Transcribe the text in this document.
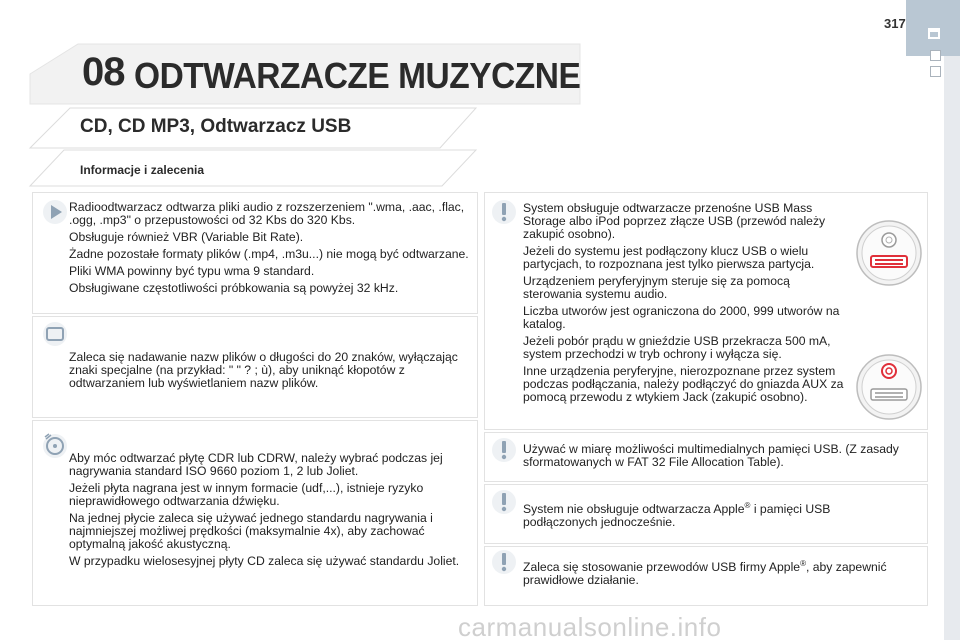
317
08 ODTWARZACZE MUZYCZNE
CD, CD MP3, Odtwarzacz USB
Informacje i zalecenia

Radioodtwarzacz odtwarza pliki audio z rozszerzeniem ".wma, .aac, .flac, .ogg, .mp3" o przepustowości od 32 Kbs do 320 Kbs.

Obsługuje również VBR (Variable Bit Rate).

Żadne pozostałe formaty plików (.mp4, .m3u...) nie mogą być odtwarzane.

Pliki WMA powinny być typu wma 9 standard.

Obsługiwane częstotliwości próbkowania są powyżej 32 kHz.

Zaleca się nadawanie nazw plików o długości do 20 znaków, wyłączając znaki specjalne (na przykład: " " ? ; ù), aby uniknąć kłopotów z odtwarzaniem lub wyświetlaniem nazw plików.

Aby móc odtwarzać płytę CDR lub CDRW, należy wybrać podczas jej nagrywania standard ISO 9660 poziom 1, 2 lub Joliet.

Jeżeli płyta nagrana jest w innym formacie (udf,...), istnieje ryzyko nieprawidłowego odtwarzania dźwięku.

Na jednej płycie zaleca się używać jednego standardu nagrywania i najmniejszej możliwej prędkości (maksymalnie 4x), aby zachować optymalną jakość akustyczną.

W przypadku wielosesyjnej płyty CD zaleca się używać standardu Joliet.

System obsługuje odtwarzacze przenośne USB Mass Storage albo iPod poprzez złącze USB (przewód należy zakupić osobno).

Jeżeli do systemu jest podłączony klucz USB o wielu partycjach, to rozpoznana jest tylko pierwsza partycja.

Urządzeniem peryferyjnym steruje się za pomocą sterowania systemu audio.

Liczba utworów jest ograniczona do 2000, 999 utworów na katalog.

Jeżeli pobór prądu w gnieździe USB przekracza 500 mA, system przechodzi w tryb ochrony i wyłącza się.

Inne urządzenia peryferyjne, nierozpoznane przez system podczas podłączania, należy podłączyć do gniazda AUX za pomocą przewodu z wtykiem Jack (zakupić osobno).

Używać w miarę możliwości multimedialnych pamięci USB. (Z zasady sformatowanych w FAT 32 File Allocation Table).

System nie obsługuje odtwarzacza Apple® i pamięci USB podłączonych jednocześnie.

Zaleca się stosowanie przewodów USB firmy Apple®, aby zapewnić prawidłowe działanie.

carmanualsonline.info
